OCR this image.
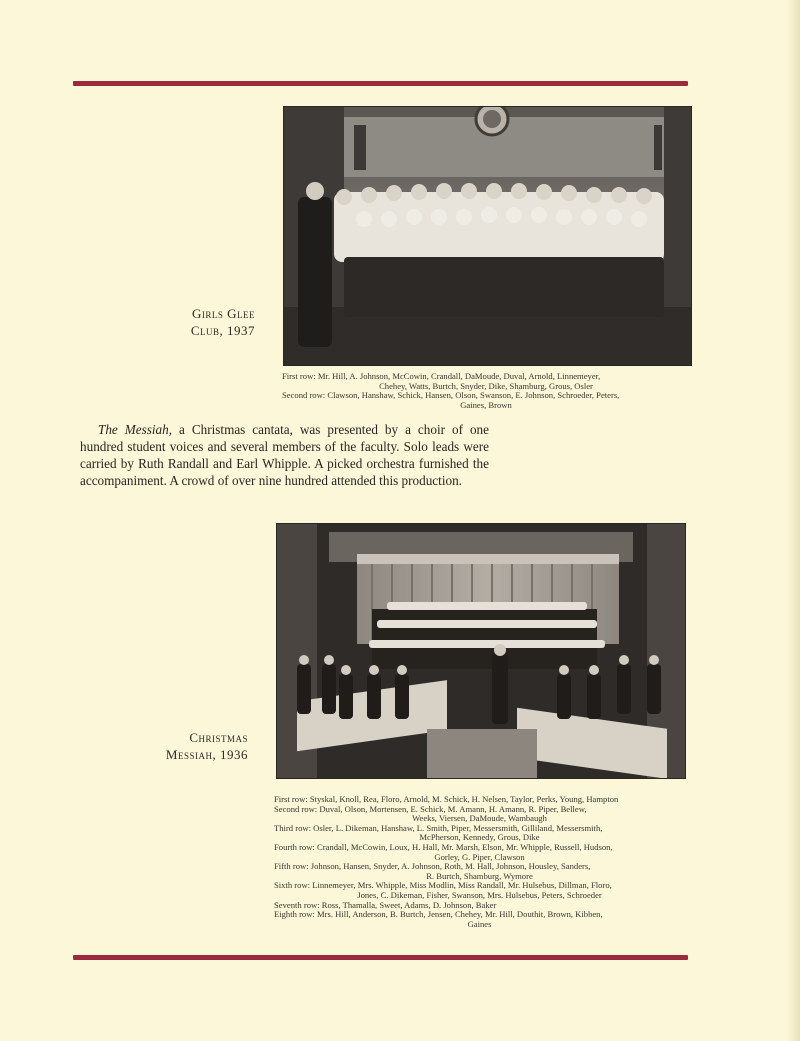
Girls Glee
Club, 1937

First row: Mr. Hill, A. Johnson, McCowin, Crandall, DaMoude, Duval, Arnold, Linnemeyer,
Chehey, Watts, Burtch, Snyder, Dike, Shamburg, Grous, Osler

Second row: Clawson, Hanshaw, Schick, Hansen, Olson, Swanson, E. Johnson, Schroeder, Peters,
Gaines, Brown

The Messiah, a Christmas cantata, was presented by a choir of one hundred student voices and several members of the faculty. Solo leads were carried by Ruth Randall and Earl Whipple. A picked orchestra furnished the accompaniment. A crowd of over nine hundred attended this production.

Christmas
Messiah, 1936

First row: Styskal, Knoll, Rea, Floro, Arnold, M. Schick, H. Nelsen, Taylor, Perks, Young, Hampton

Second row: Duval, Olson, Mortensen, E. Schick, M. Amann, H. Amann, R. Piper, Bellew,
Weeks, Viersen, DaMoude, Wambaugh

Third row: Osler, L. Dikeman, Hanshaw, L. Smith, Piper, Messersmith, Gilliland, Messersmith,
McPherson, Kennedy, Grous, Dike

Fourth row: Crandall, McCowin, Loux, H. Hall, Mr. Marsh, Elson, Mr. Whipple, Russell, Hudson,
Gorley, G. Piper, Clawson

Fifth row: Johnson, Hansen, Snyder, A. Johnson, Roth, M. Hall, Johnson, Housley, Sanders,
R. Burtch, Shamburg, Wymore

Sixth row: Linnemeyer, Mrs. Whipple, Miss Modlin, Miss Randall, Mr. Hulsebus, Dillman, Floro,
Jones, C. Dikeman, Fisher, Swanson, Mrs. Hulsebus, Peters, Schroeder

Seventh row: Ross, Thamalla, Sweet, Adams, D. Johnson, Baker

Eighth row: Mrs. Hill, Anderson, B. Burtch, Jensen, Chehey, Mr. Hill, Douthit, Brown, Kibben,
Gaines
